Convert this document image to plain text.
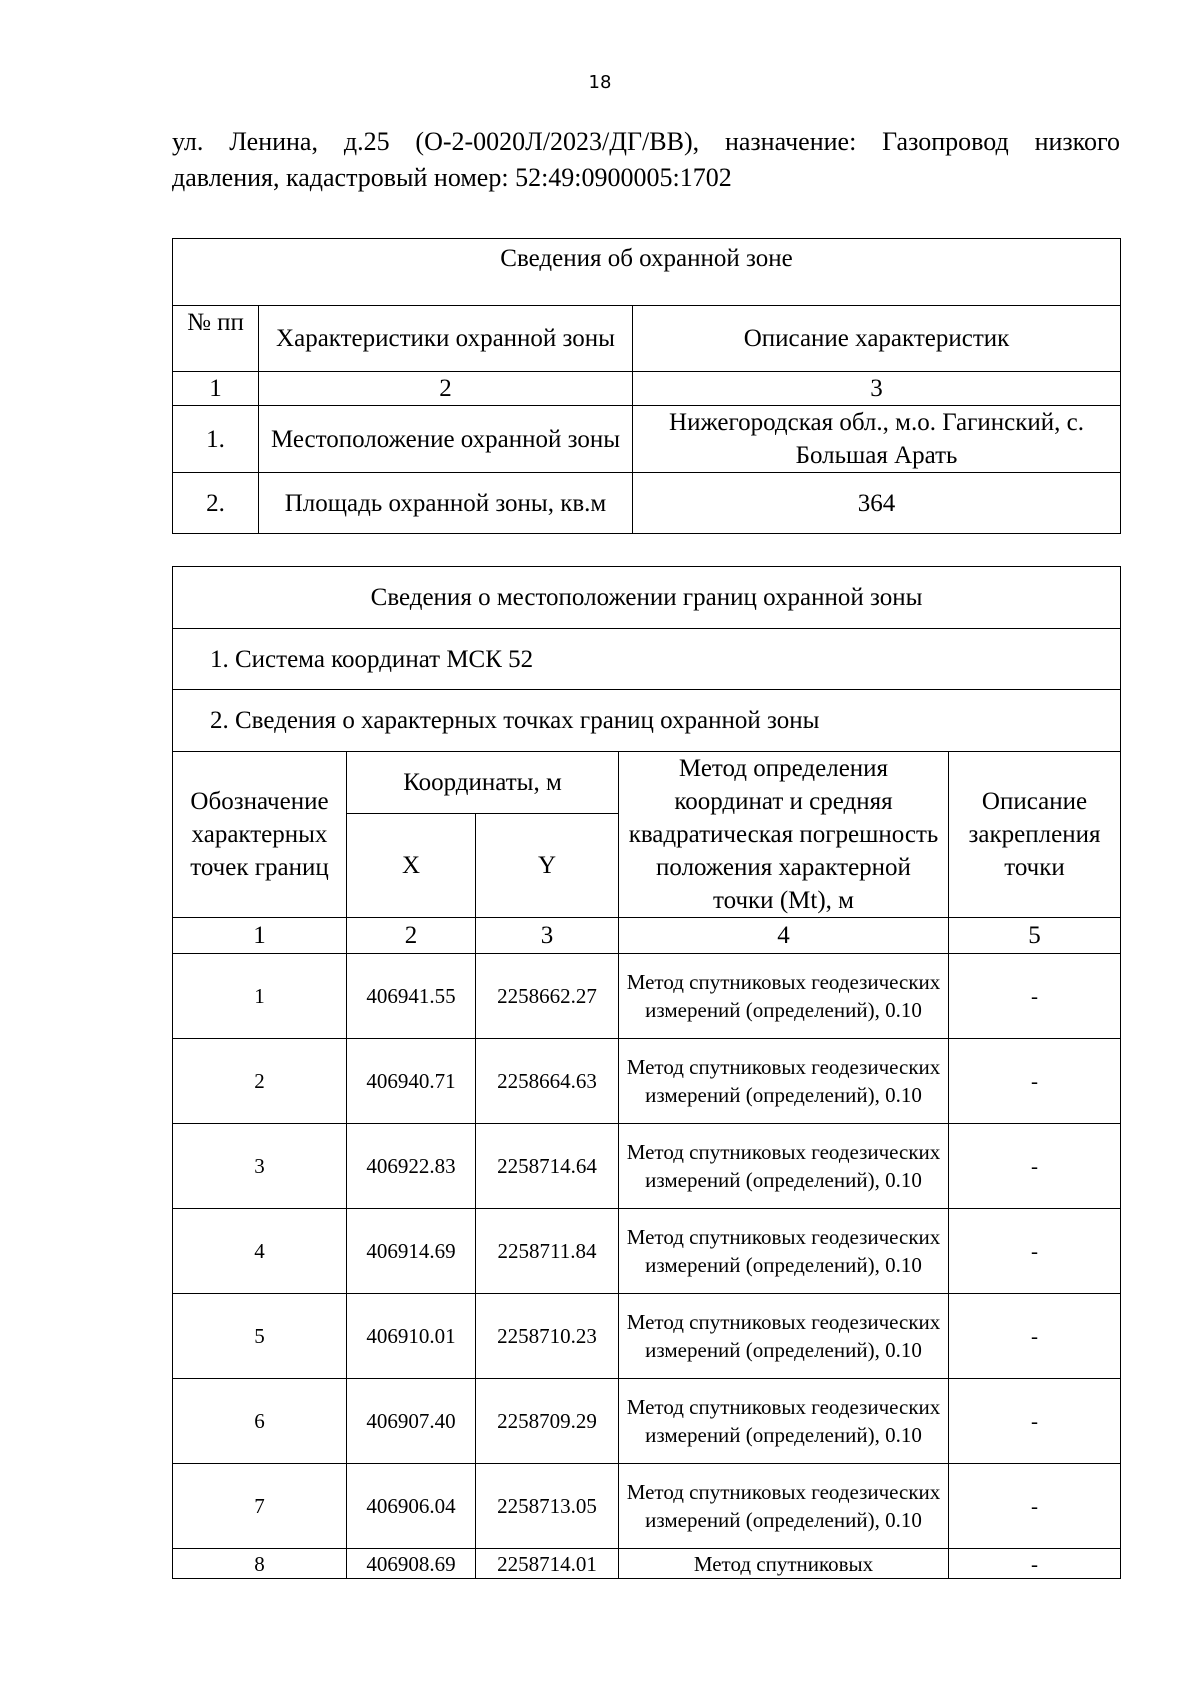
18

ул. Ленина, д.25 (О-2-0020Л/2023/ДГ/ВВ), назначение: Газопровод низкого

давления, кадастровый номер: 52:49:0900005:1702

Сведения об охранной зоне		
№ пп	Характеристики охранной зоны	Описание характеристик
1	2	3
1.	Местоположение охранной зоны	Нижегородская обл., м.о. Гагинский, с. Большая Арать
2.	Площадь охранной зоны, кв.м	364
Сведения о местоположении границ охранной зоны				
1. Система координат МСК 52				
2. Сведения о характерных точках границ охранной зоны				
Обозначение характерных точек границ	Координаты, м		Метод определения координат и средняя квадратическая погрешность положения характерной точки (Mt), м	Описание закрепления точки
	X	Y		
1	2	3	4	5
1	406941.55	2258662.27	Метод спутниковых геодезических измерений (определений), 0.10	-
2	406940.71	2258664.63	Метод спутниковых геодезических измерений (определений), 0.10	-
3	406922.83	2258714.64	Метод спутниковых геодезических измерений (определений), 0.10	-
4	406914.69	2258711.84	Метод спутниковых геодезических измерений (определений), 0.10	-
5	406910.01	2258710.23	Метод спутниковых геодезических измерений (определений), 0.10	-
6	406907.40	2258709.29	Метод спутниковых геодезических измерений (определений), 0.10	-
7	406906.04	2258713.05	Метод спутниковых геодезических измерений (определений), 0.10	-
8	406908.69	2258714.01	Метод спутниковых	-
